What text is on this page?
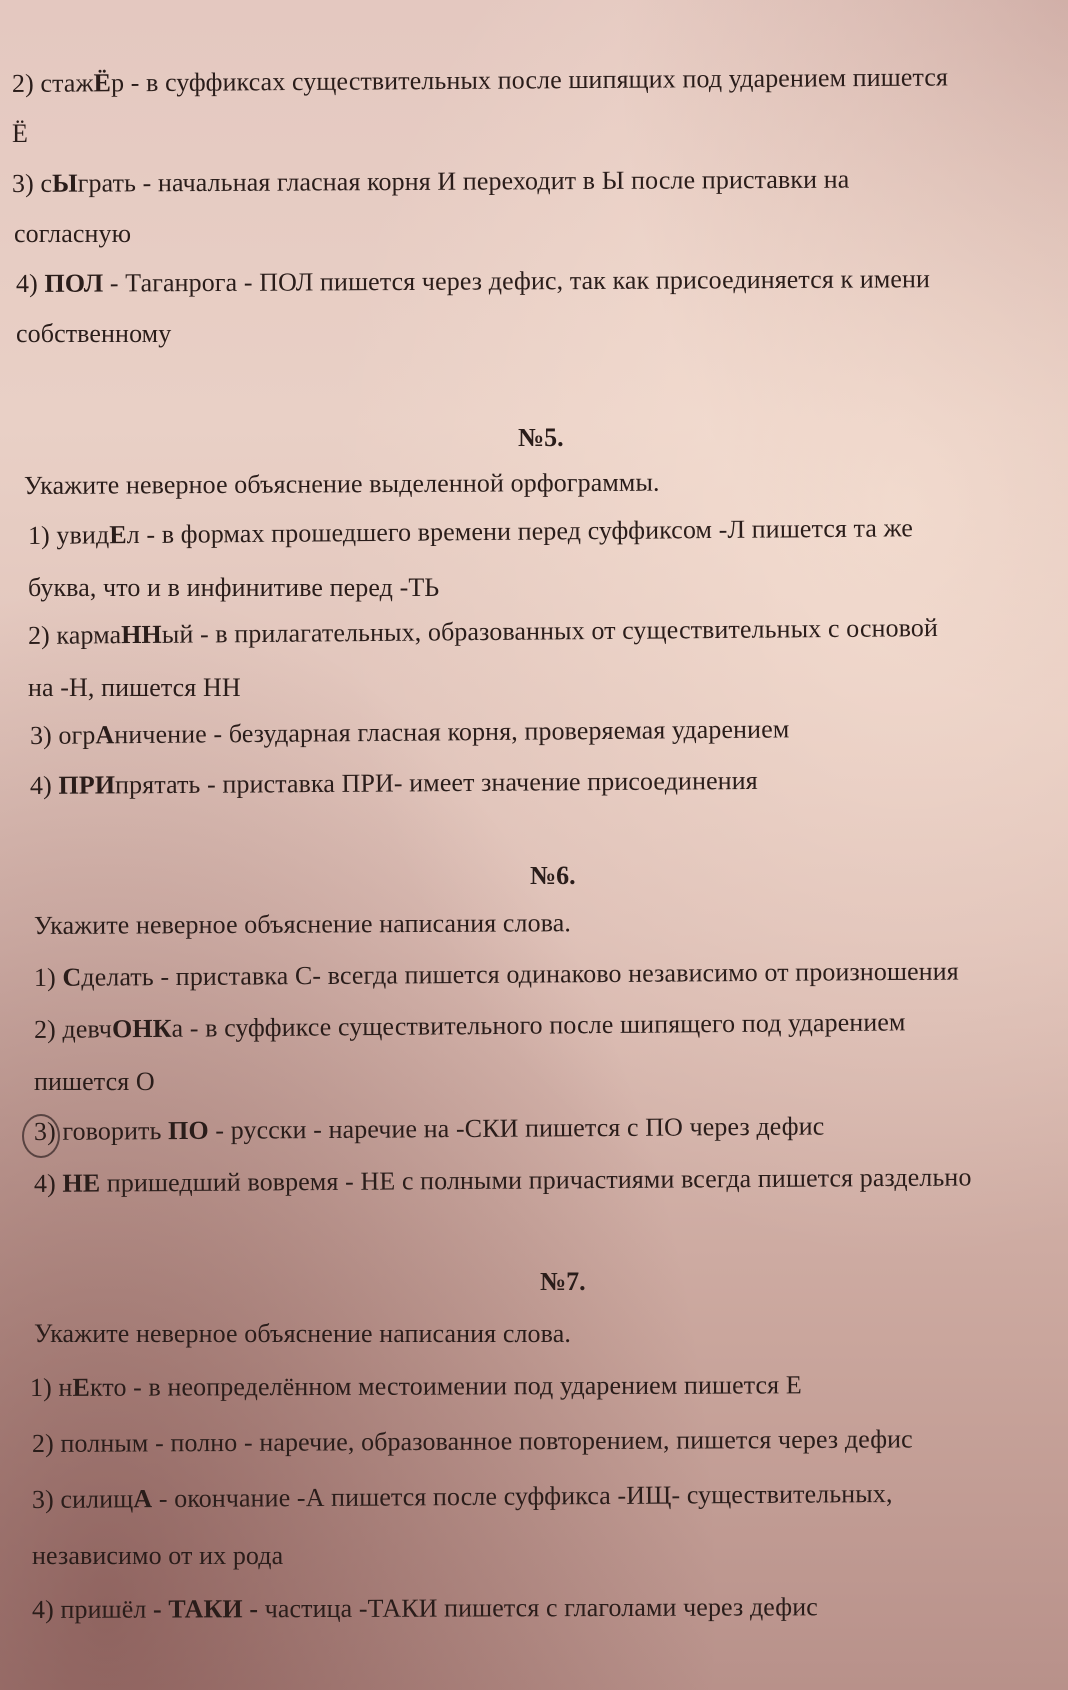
2) стажЁр - в суффиксах существительных после шипящих под ударением пишется
Ё
3) сЫграть - начальная гласная корня И переходит в Ы после приставки на
согласную
4) ПОЛ - Таганрога - ПОЛ пишется через дефис, так как присоединяется к имени
собственному
№5.
Укажите неверное объяснение выделенной орфограммы.
1) увидЕл - в формах прошедшего времени перед суффиксом -Л пишется та же
буква, что и в инфинитиве перед -ТЬ
2) кармаННый - в прилагательных, образованных от существительных с основой
на -Н, пишется НН
3) огрАничение - безударная гласная корня, проверяемая ударением
4) ПРИпрятать - приставка ПРИ- имеет значение присоединения
№6.
Укажите неверное объяснение написания слова.
1) Сделать - приставка С- всегда пишется одинаково независимо от произношения
2) девчОНКа - в суффиксе существительного после шипящего под ударением
пишется О
3) говорить ПО - русски - наречие на -СКИ пишется с ПО через дефис
4) НЕ пришедший вовремя - НЕ с полными причастиями всегда пишется раздельно
№7.
Укажите неверное объяснение написания слова.
1) нЕкто - в неопределённом местоимении под ударением пишется Е
2) полным - полно - наречие, образованное повторением, пишется через дефис
3) силищА - окончание -А пишется после суффикса -ИЩ- существительных,
независимо от их рода
4) пришёл - ТАКИ - частица -ТАКИ пишется с глаголами через дефис
